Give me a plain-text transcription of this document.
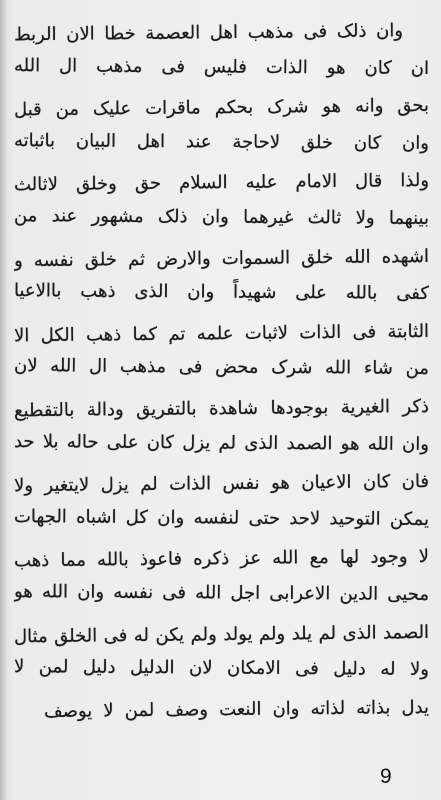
وان ذلک فی مذهب اهل العصمة خطا الان الربط
ان کان هو الذات فلیس فی مذهب ال الله
بحق وانه هو شرک بحکم ماقرات علیک من قبل
وان کان خلق لاحاجة عند اهل البیان باثباته
ولذا قال الامام علیه السلام حق وخلق لاثالث
بینهما ولا ثالث غیرهما وان ذلک مشهور عند من
اشهده الله خلق السموات والارض ثم خلق نفسه و
کفی بالله علی شهیداً وان الذی ذهب باالاعیا
الثابتة فی الذات لاثبات علمه تم کما ذهب الکل الا
من شاء الله شرک محض فی مذهب ال الله لان
ذکر الغیریة بوجودها شاهدة بالتفریق ودالة بالتقطیع
وان الله هو الصمد الذی لم یزل کان علی حاله بلا حد
فان کان الاعیان هو نفس الذات لم یزل لایتغیر ولا
یمکن التوحید لاحد حتی لنفسه وان کل اشباه الجهات
لا وجود لها مع الله عز ذکره فاعوذ بالله مما ذهب
محیی الدین الاعرابی اجل الله فی نفسه وان الله هو
الصمد الذی لم یلد ولم یولد ولم یکن له فی الخلق مثال
ولا له دلیل فی الامکان لان الدلیل دلیل لمن لا
یدل بذاته لذاته وان النعت وصف لمن لا یوصف
9
